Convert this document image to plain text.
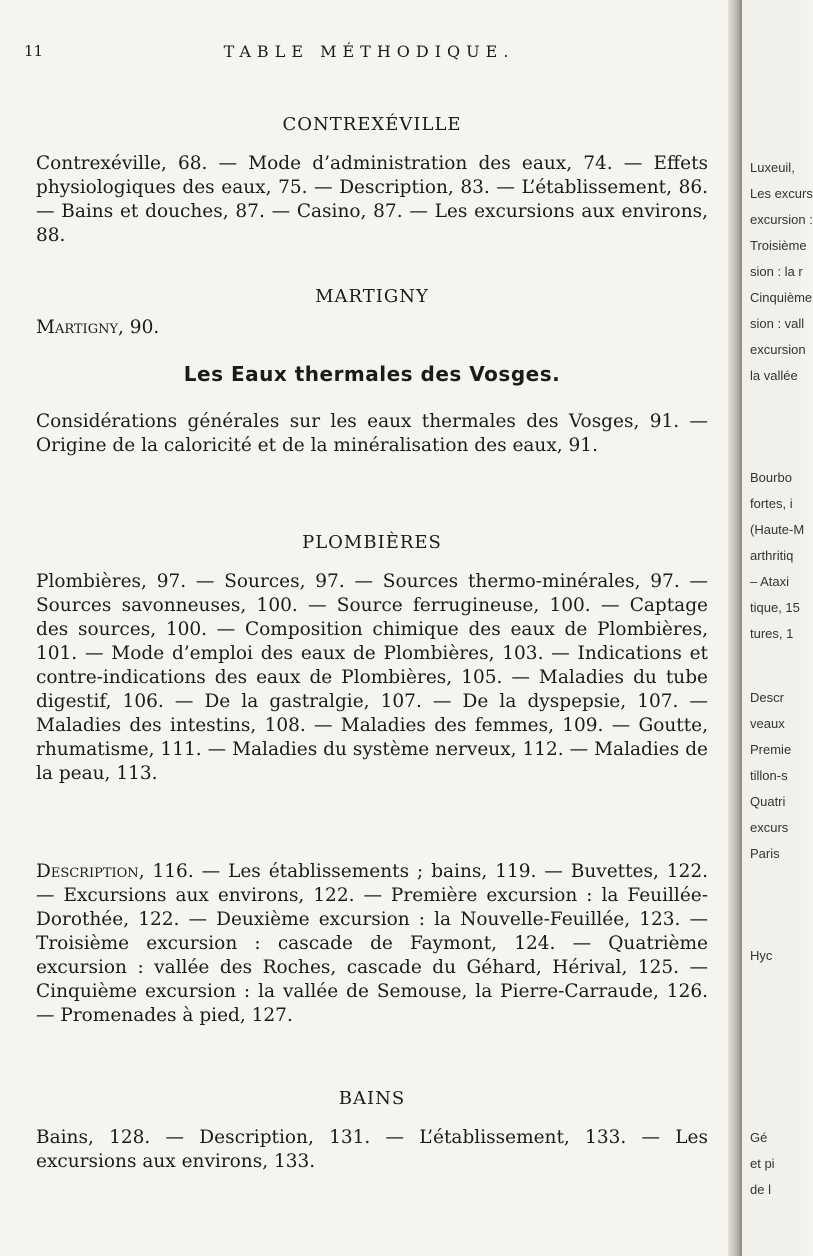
11	TABLE MÉTHODIQUE.
CONTREXÉVILLE

Contrexéville, 68. — Mode d’administration des eaux, 74. — Effets physiologiques des eaux, 75. — Description, 83. — L’établissement, 86. — Bains et douches, 87. — Casino, 87. — Les excursions aux environs, 88.

MARTIGNY

Martigny, 90.

Les Eaux thermales des Vosges.

Considérations générales sur les eaux thermales des Vosges, 91. — Origine de la caloricité et de la minéralisation des eaux, 91.

PLOMBIÈRES

Plombières, 97. — Sources, 97. — Sources thermo-minérales, 97. — Sources savonneuses, 100. — Source ferrugineuse, 100. — Captage des sources, 100. — Composition chimique des eaux de Plombières, 101. — Mode d’emploi des eaux de Plombières, 103. — Indications et contre-indications des eaux de Plombières, 105. — Maladies du tube digestif, 106. — De la gastralgie, 107. — De la dyspepsie, 107. — Maladies des intestins, 108. — Maladies des femmes, 109. — Goutte, rhumatisme, 111. — Maladies du système nerveux, 112. — Maladies de la peau, 113.

Description, 116. — Les établissements ; bains, 119. — Buvettes, 122. — Excursions aux environs, 122. — Première excursion : la Feuillée-Dorothée, 122. — Deuxième excursion : la Nouvelle-Feuillée, 123. — Troisième excursion : cascade de Faymont, 124. — Quatrième excursion : vallée des Roches, cascade du Géhard, Hérival, 125. — Cinquième excursion : la vallée de Semouse, la Pierre-Carraude, 126. — Promenades à pied, 127.

BAINS

Bains, 128. — Description, 131. — L’établissement, 133. — Les excursions aux environs, 133.

Luxeuil,
Les excurs
excursion :
Troisième
sion : la r
Cinquième
sion : vall
excursion
la vallée
Bourbo
fortes, i
(Haute-M
arthritiq
– Ataxi
tique, 15
tures, 1
Descr
veaux
Premie
tillon-s
Quatri
excurs
Paris
Hyc
Gé
et pi
de l
